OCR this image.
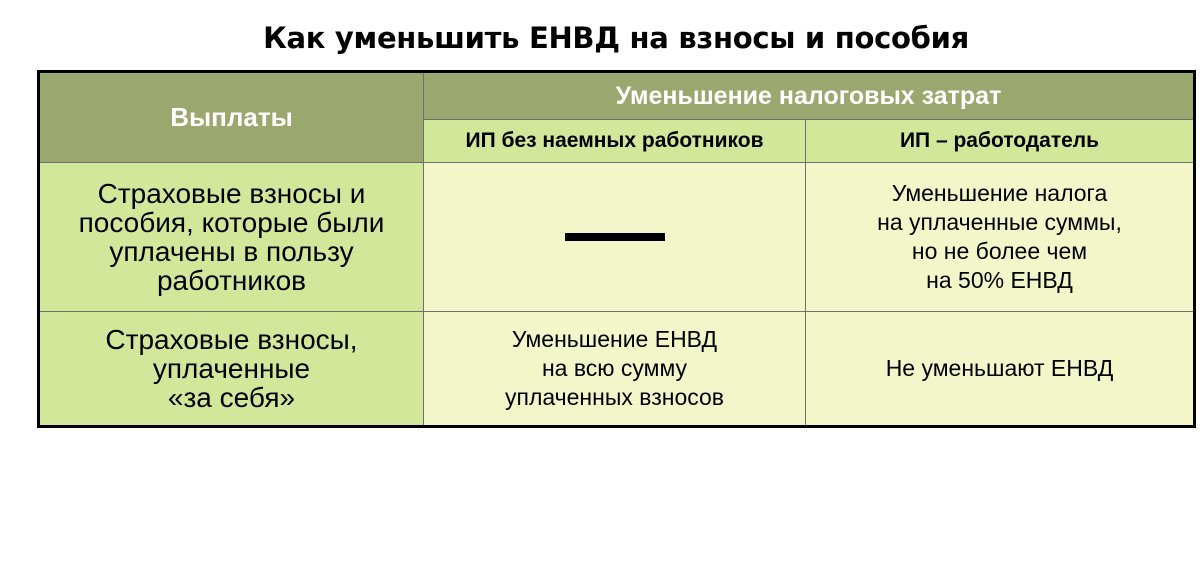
Как уменьшить ЕНВД на взносы и пособия
Выплаты	Уменьшение налоговых затрат	
	ИП без наемных работников	ИП – работодатель
Страховые взносы и
пособия, которые были
уплачены в пользу
работников		Уменьшение налога
на уплаченные суммы,
но не более чем
на 50% ЕНВД
Страховые взносы,
уплаченные
«за себя»	Уменьшение ЕНВД
на всю сумму
уплаченных взносов	Не уменьшают ЕНВД
